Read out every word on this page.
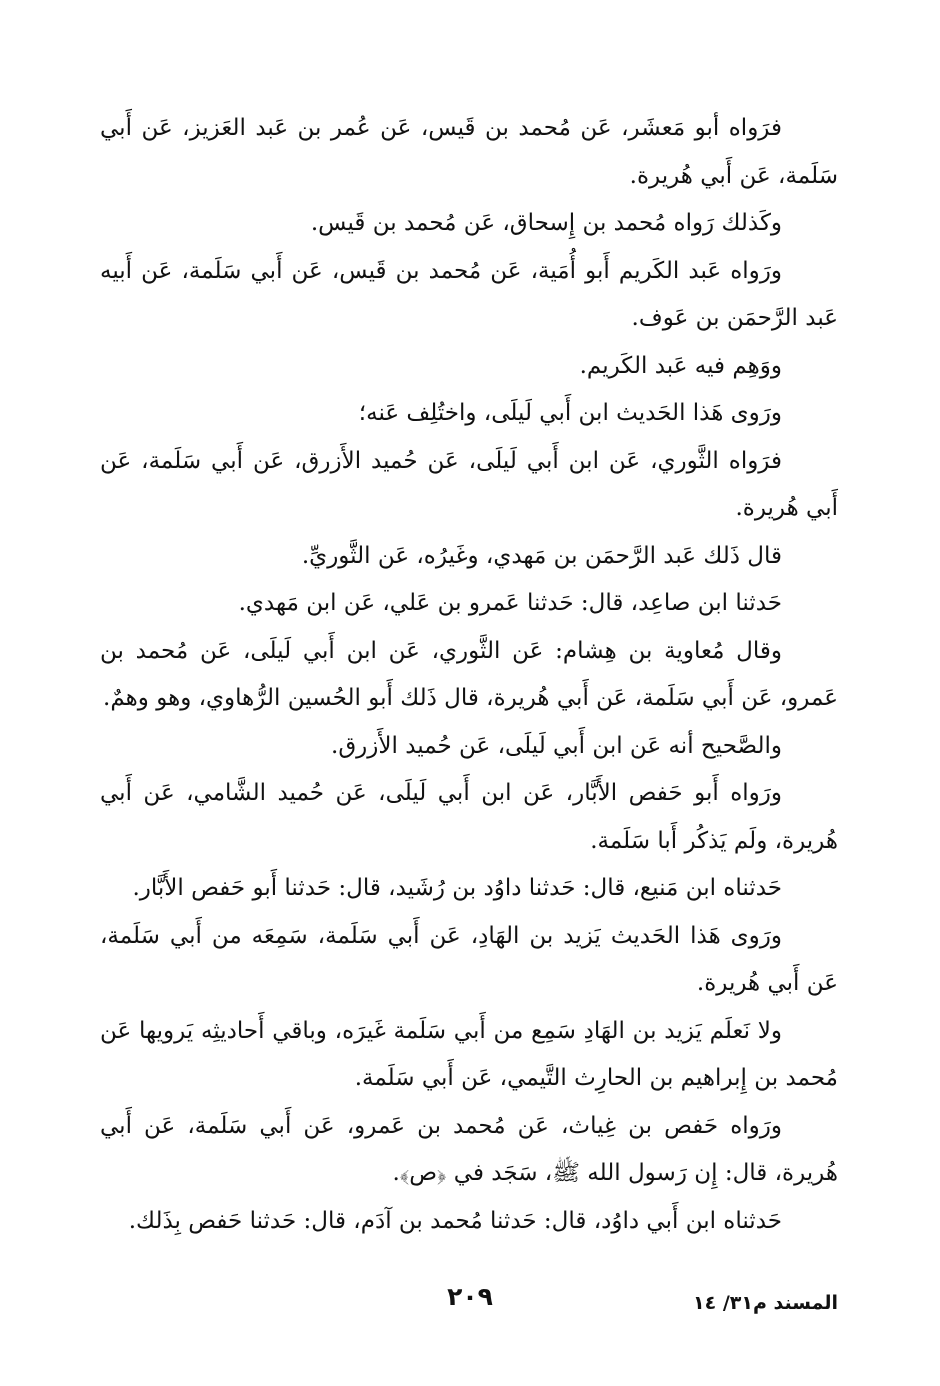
فرَواه أبو مَعشَر، عَن مُحمد بن قَيس، عَن عُمر بن عَبد العَزيز، عَن أَبي سَلَمة، عَن أَبي هُريرة.

وكَذلك رَواه مُحمد بن إِسحاق، عَن مُحمد بن قَيس.

ورَواه عَبد الكَريم أَبو أُمَية، عَن مُحمد بن قَيس، عَن أَبي سَلَمة، عَن أَبيه عَبد الرَّحمَن بن عَوف.

ووَهِم فيه عَبد الكَريم.

ورَوى هَذا الحَديث ابن أَبي لَيلَى، واختُلِف عَنه؛

فرَواه الثَّوري، عَن ابن أَبي لَيلَى، عَن حُميد الأَزرق، عَن أَبي سَلَمة، عَن أَبي هُريرة.

قال ذَلك عَبد الرَّحمَن بن مَهدي، وغَيرُه، عَن الثَّوريِّ.

حَدثنا ابن صاعِد، قال: حَدثنا عَمرو بن عَلي، عَن ابن مَهدي.

وقال مُعاوية بن هِشام: عَن الثَّوري، عَن ابن أَبي لَيلَى، عَن مُحمد بن عَمرو، عَن أَبي سَلَمة، عَن أَبي هُريرة، قال ذَلك أَبو الحُسين الرُّهاوي، وهو وهمٌ.

والصَّحيح أنه عَن ابن أَبي لَيلَى، عَن حُميد الأَزرق.

ورَواه أَبو حَفص الأَبَّار، عَن ابن أَبي لَيلَى، عَن حُميد الشَّامي، عَن أَبي هُريرة، ولَم يَذكُر أَبا سَلَمة.

حَدثناه ابن مَنيع، قال: حَدثنا داوُد بن رُشَيد، قال: حَدثنا أَبو حَفص الأَبَّار.

ورَوى هَذا الحَديث يَزيد بن الهَادِ، عَن أَبي سَلَمة، سَمِعَه من أَبي سَلَمة، عَن أَبي هُريرة.

ولا نَعلَم يَزيد بن الهَادِ سَمِع من أَبي سَلَمة غَيرَه، وباقي أَحاديثِه يَرويها عَن مُحمد بن إِبراهيم بن الحارِث التَّيمي، عَن أَبي سَلَمة.

ورَواه حَفص بن غِياث، عَن مُحمد بن عَمرو، عَن أَبي سَلَمة، عَن أَبي هُريرة، قال: إِن رَسول الله ﷺ، سَجَد في ﴿ص﴾.

حَدثناه ابن أَبي داوُد، قال: حَدثنا مُحمد بن آدَم، قال: حَدثنا حَفص بِذَلك.

المسند م٣١/ ١٤
٢٠٩
